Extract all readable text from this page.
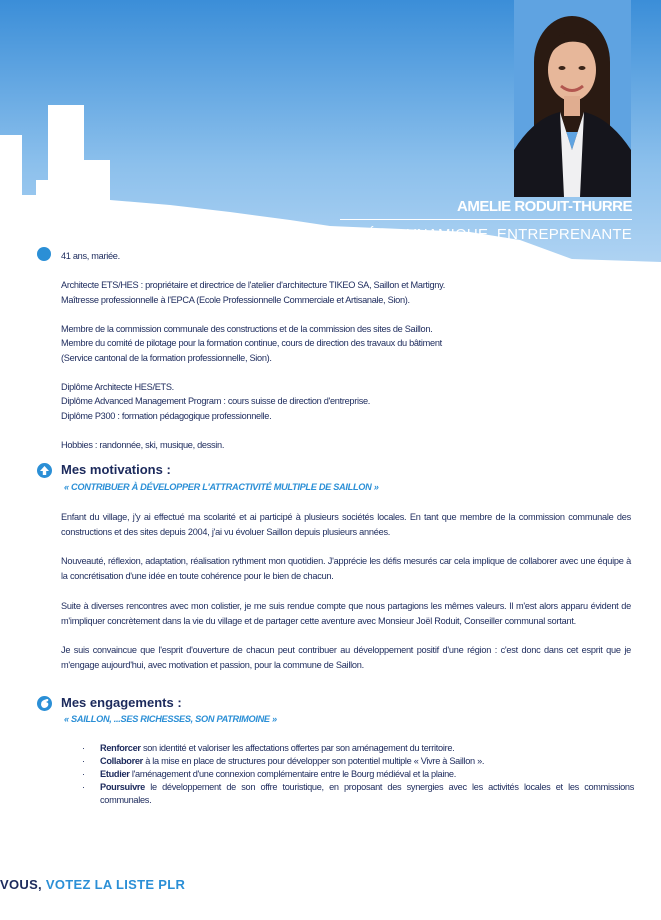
AMELIE RODUIT-THURRE
MOTIVÉE, DYNAMIQUE, ENTREPRENANTE

41 ans, mariée.

Architecte ETS/HES : propriétaire et directrice de l'atelier d'architecture TIKEO SA, Saillon et Martigny.
Maîtresse professionnelle à l'EPCA (Ecole Professionnelle Commerciale et Artisanale, Sion).

Membre de la commission communale des constructions et de la commission des sites de Saillon.
Membre du comité de pilotage pour la formation continue, cours de direction des travaux du bâtiment
(Service cantonal de la formation professionnelle, Sion).

Diplôme Architecte HES/ETS.
Diplôme Advanced Management Program : cours suisse de direction d'entreprise.
Diplôme P300 : formation pédagogique professionnelle.

Hobbies : randonnée, ski, musique, dessin.

Mes motivations :
« CONTRIBUER À DÉVELOPPER L'ATTRACTIVITÉ MULTIPLE DE SAILLON »

Enfant du village, j'y ai effectué ma scolarité et ai participé à plusieurs sociétés locales. En tant que membre de la commission communale des constructions et des sites depuis 2004, j'ai vu évoluer Saillon depuis plusieurs années.

Nouveauté, réflexion, adaptation, réalisation rythment mon quotidien. J'apprécie les défis mesurés car cela implique de collaborer avec une équipe à la concrétisation d'une idée en toute cohérence pour le bien de chacun.

Suite à diverses rencontres avec mon colistier, je me suis rendue compte que nous partagions les mêmes valeurs. Il m'est alors apparu évident de m'impliquer concrètement dans la vie du village et de partager cette aventure avec Monsieur Joël Roduit, Conseiller communal sortant.

Je suis convaincue que l'esprit d'ouverture de chacun peut contribuer au développement positif d'une région : c'est donc dans cet esprit que je m'engage aujourd'hui, avec motivation et passion, pour la commune de Saillon.

Mes engagements :
« SAILLON, ...SES RICHESSES, SON PATRIMOINE »
· Renforcer son identité et valoriser les affectations offertes par son aménagement du territoire.
· Collaborer à la mise en place de structures pour développer son potentiel multiple « Vivre à Saillon ».
· Etudier l'aménagement d'une connexion complémentaire entre le Bourg médiéval et la plaine.
· Poursuivre le développement de son offre touristique, en proposant des synergies avec les activités locales et les commissions communales.
VOUS, VOTEZ LA LISTE PLR
